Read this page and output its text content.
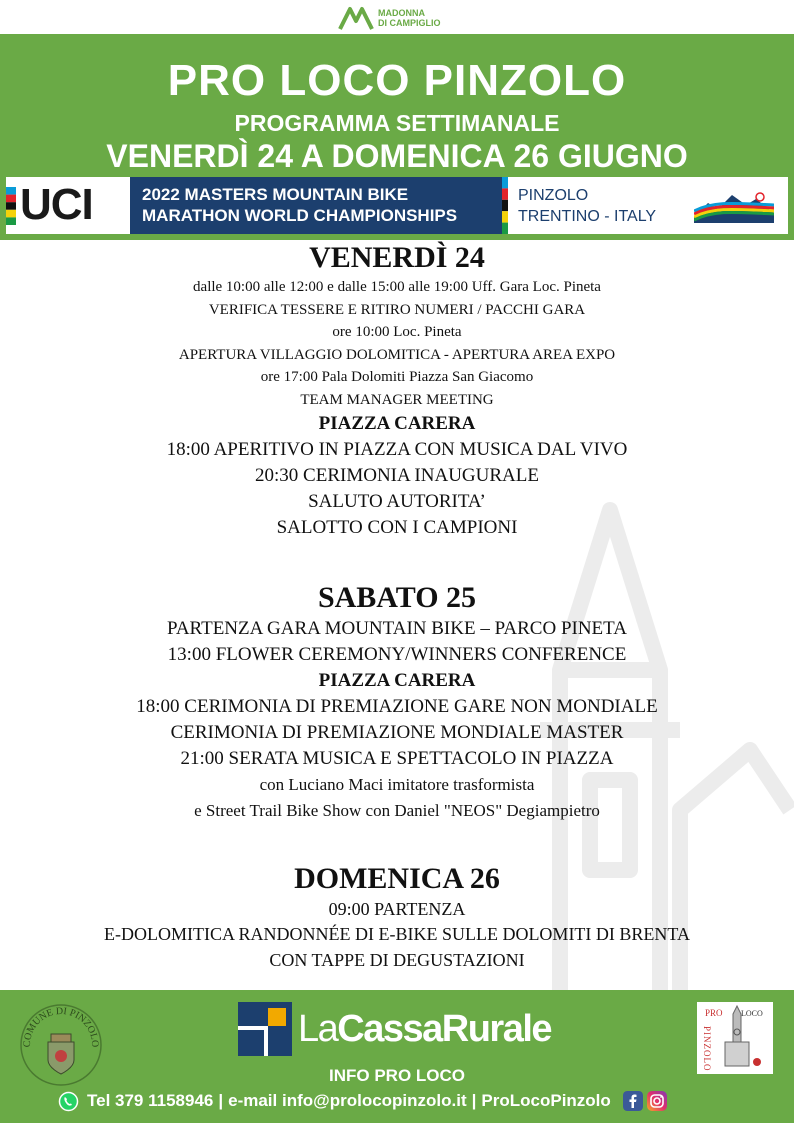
MADONNA
DI CAMPIGLIO
PRO LOCO PINZOLO
PROGRAMMA SETTIMANALE
VENERDÌ 24 A DOMENICA 26 GIUGNO
UCI	2022 MASTERS MOUNTAIN BIKE
MARATHON WORLD CHAMPIONSHIPS
PINZOLO
TRENTINO - ITALY
VENERDÌ 24
dalle 10:00 alle 12:00 e dalle 15:00 alle 19:00 Uff. Gara Loc. Pineta
VERIFICA TESSERE E RITIRO NUMERI / PACCHI GARA
ore 10:00 Loc. Pineta
APERTURA VILLAGGIO DOLOMITICA - APERTURA AREA EXPO
ore 17:00 Pala Dolomiti Piazza San Giacomo
TEAM MANAGER MEETING
PIAZZA CARERA
18:00 APERITIVO IN PIAZZA CON MUSICA DAL VIVO
20:30 CERIMONIA INAUGURALE
SALUTO AUTORITA’
SALOTTO CON I CAMPIONI
SABATO 25
PARTENZA GARA MOUNTAIN BIKE – PARCO PINETA
13:00 FLOWER CEREMONY/WINNERS CONFERENCE
PIAZZA CARERA
18:00 CERIMONIA DI PREMIAZIONE GARE NON MONDIALE
CERIMONIA DI PREMIAZIONE MONDIALE MASTER
21:00 SERATA MUSICA E SPETTACOLO IN PIAZZA
con Luciano Maci imitatore trasformista
e Street Trail Bike Show con Daniel "NEOS" Degiampietro
DOMENICA 26
09:00 PARTENZA
E-DOLOMITICA RANDONNÉE DI E-BIKE SULLE DOLOMITI DI BRENTA
CON TAPPE DI DEGUSTAZIONI
COMUNE DI PINZOLO	LaCassaRurale	PRO LOCO
PINZOLO
INFO PRO LOCO
Tel 379 1158946 | e-mail info@prolocopinzolo.it | ProLocoPinzolo
